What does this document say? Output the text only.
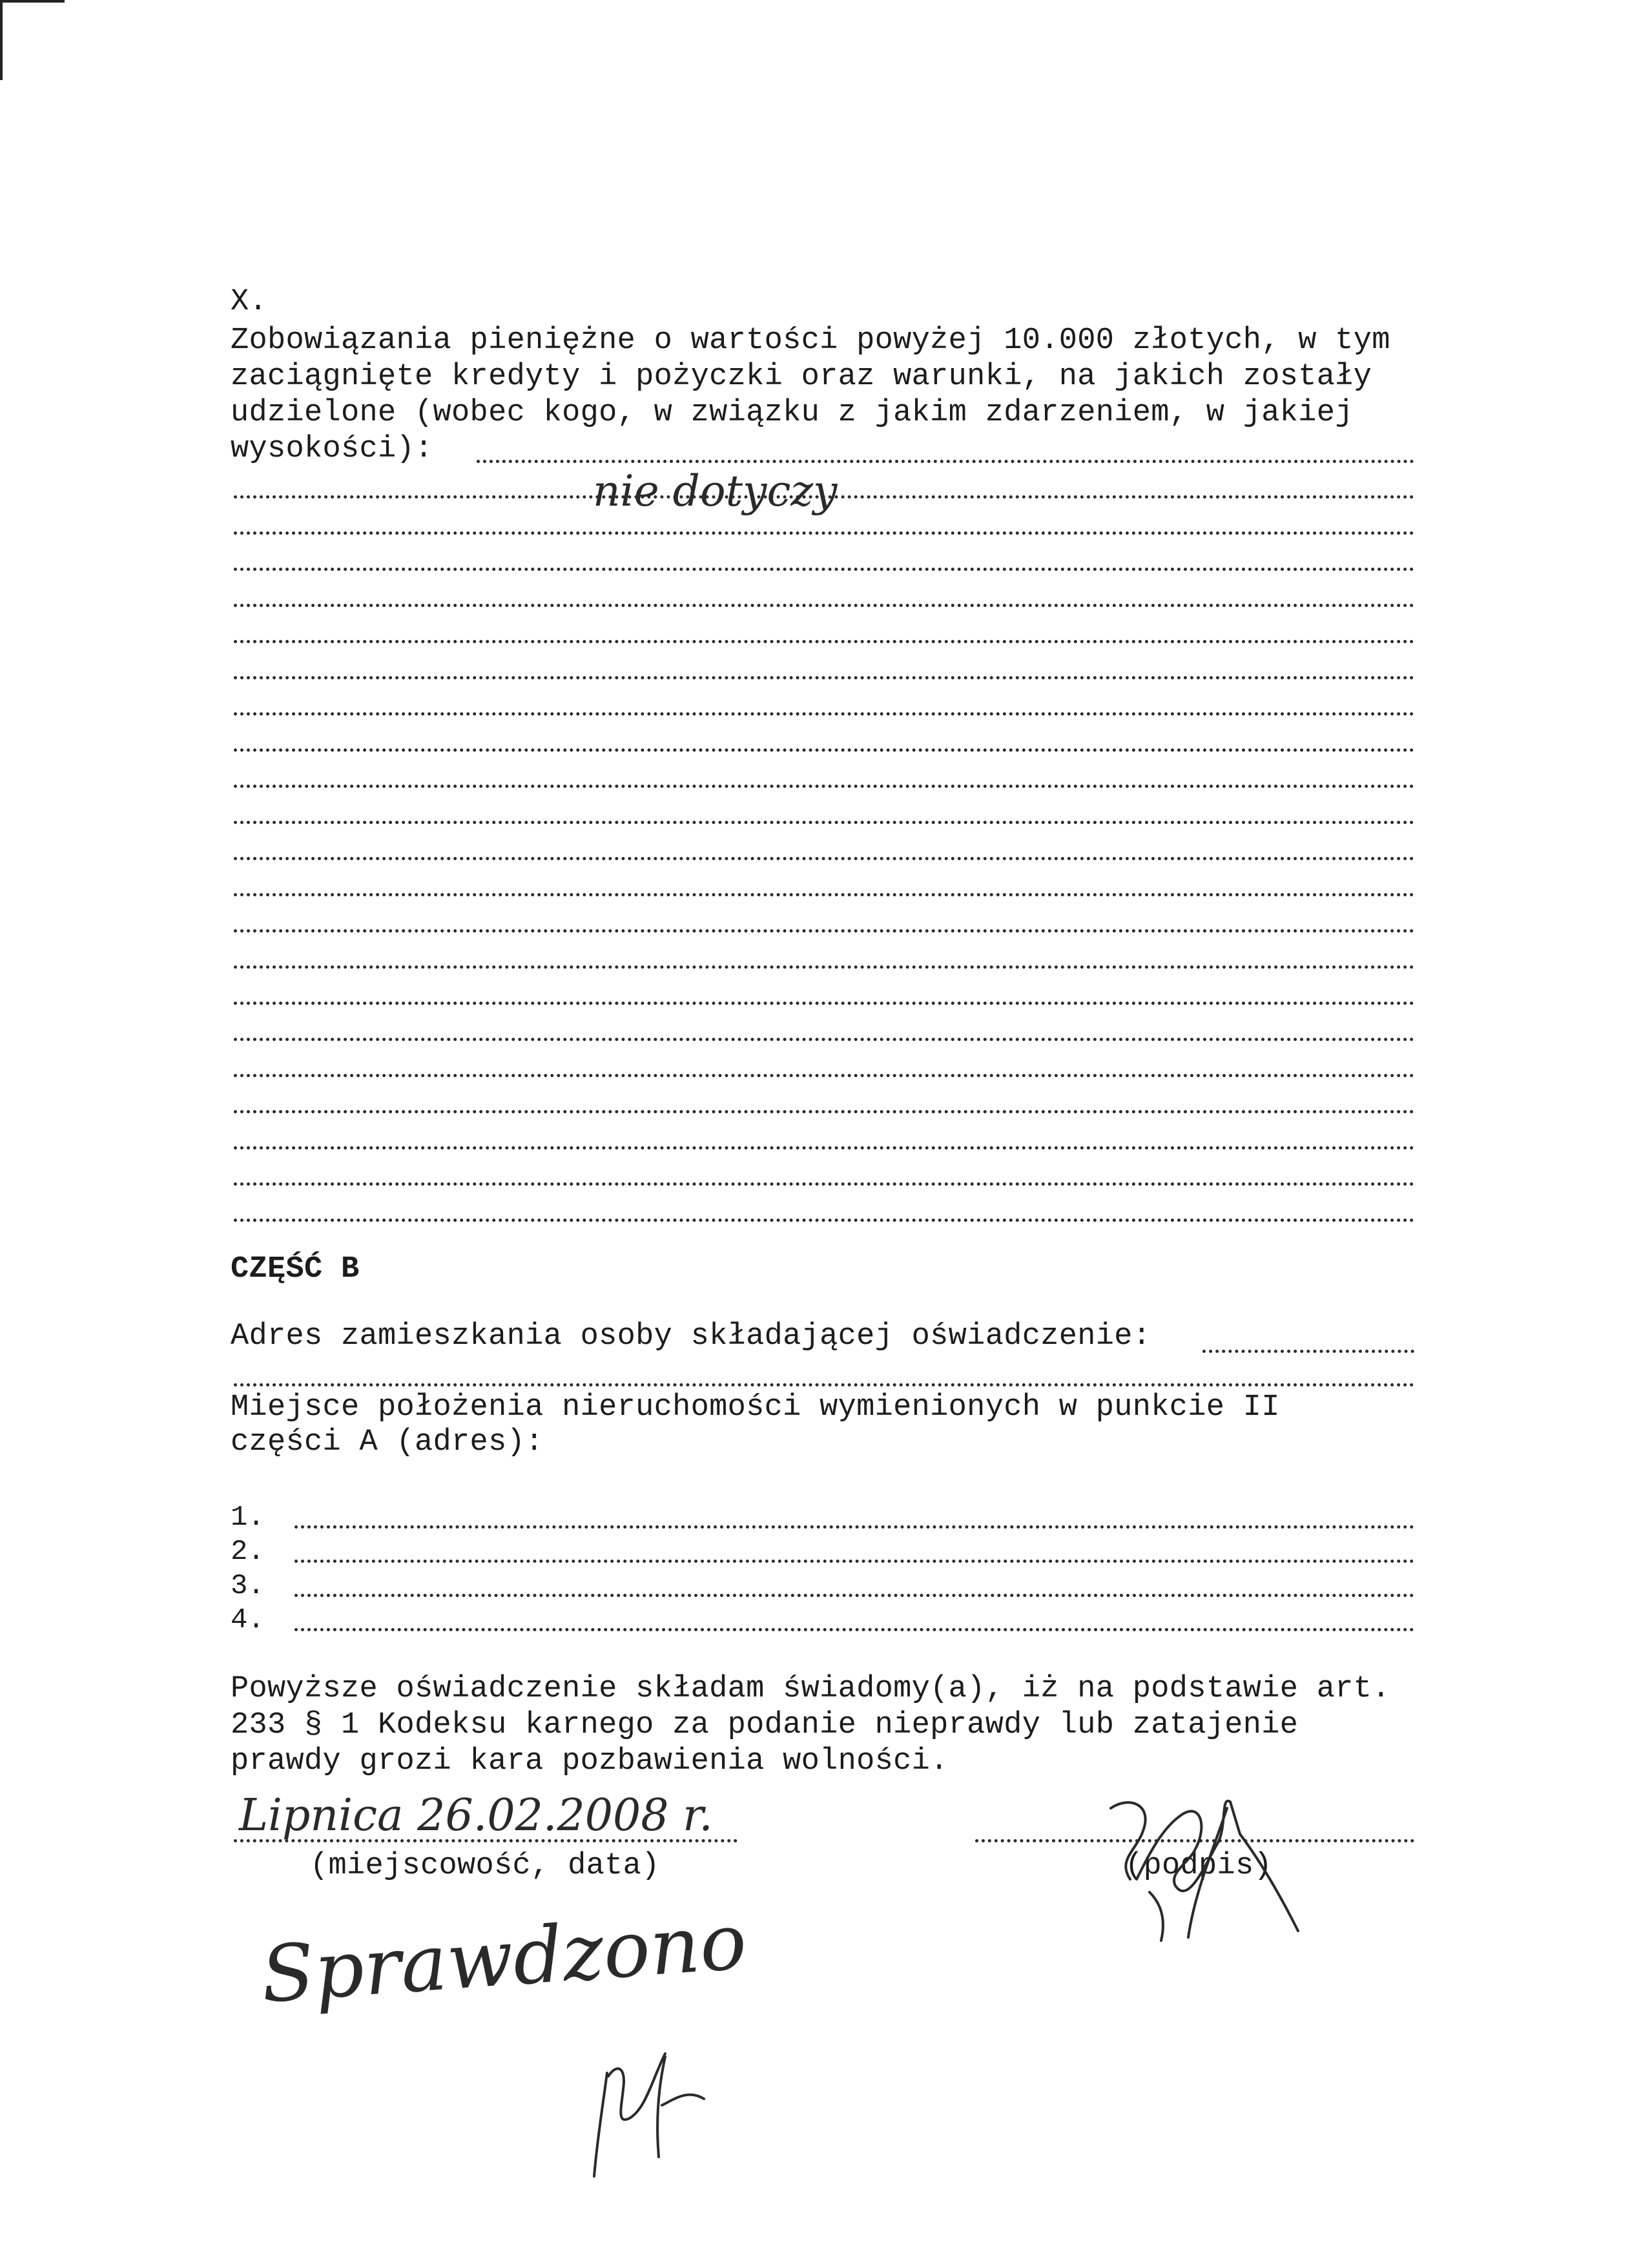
X.
Zobowiązania pieniężne o wartości powyżej 10.000 złotych, w tym
zaciągnięte kredyty i pożyczki oraz warunki, na jakich zostały
udzielone (wobec kogo, w związku z jakim zdarzeniem, w jakiej
wysokości):
nie dotyczy
CZĘŚĆ B
Adres zamieszkania osoby składającej oświadczenie:
Miejsce położenia nieruchomości wymienionych w punkcie II
części A (adres):
1.
2.
3.
4.
Powyższe oświadczenie składam świadomy(a), iż na podstawie art.
233 § 1 Kodeksu karnego za podanie nieprawdy lub zatajenie
prawdy grozi kara pozbawienia wolności.
Lipnica 26.02.2008 r.
(miejscowość, data)	(podpis)
Sprawdzono
